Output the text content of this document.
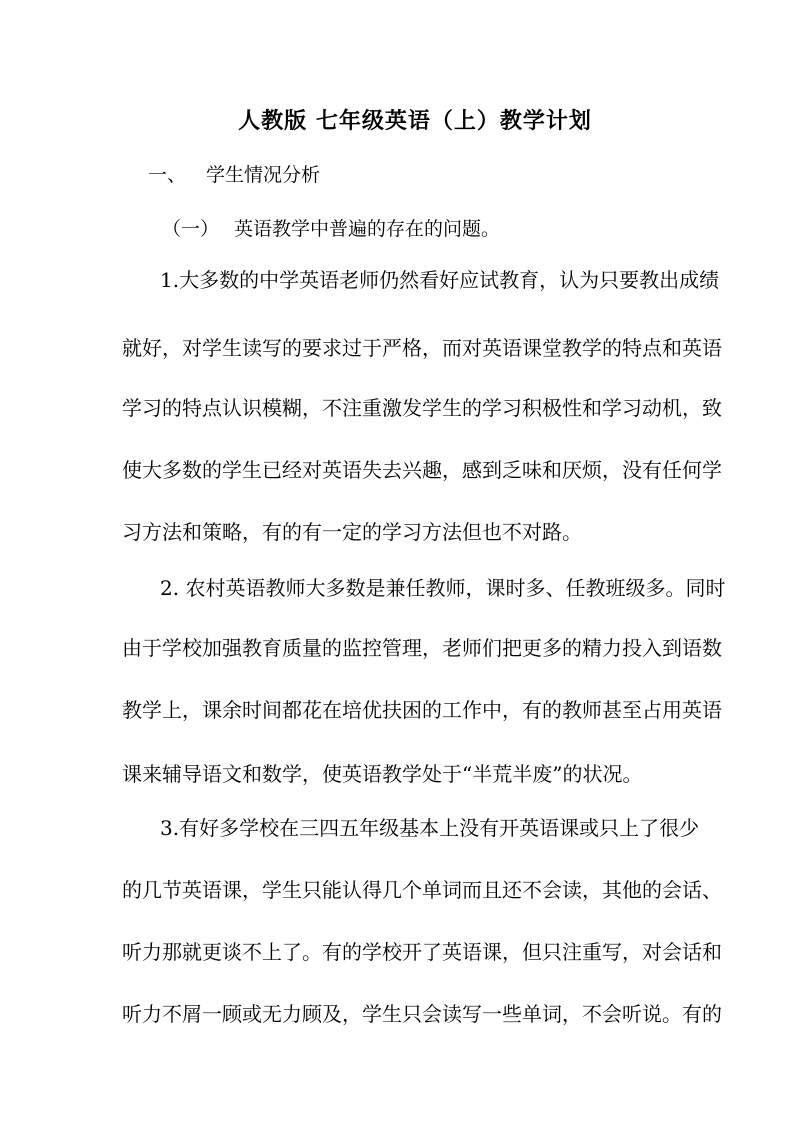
人教版 七年级英语（上）教学计划
一、 学生情况分析
（一） 英语教学中普遍的存在的问题。
1.大多数的中学英语老师仍然看好应试教育，认为只要教出成绩
就好，对学生读写的要求过于严格，而对英语课堂教学的特点和英语
学习的特点认识模糊，不注重激发学生的学习积极性和学习动机，致
使大多数的学生已经对英语失去兴趣，感到乏味和厌烦，没有任何学
习方法和策略，有的有一定的学习方法但也不对路。
2. 农村英语教师大多数是兼任教师，课时多、任教班级多。同时
由于学校加强教育质量的监控管理，老师们把更多的精力投入到语数
教学上，课余时间都花在培优扶困的工作中，有的教师甚至占用英语
课来辅导语文和数学，使英语教学处于“半荒半废”的状况。
3.有好多学校在三四五年级基本上没有开英语课或只上了很少
的几节英语课，学生只能认得几个单词而且还不会读，其他的会话、
听力那就更谈不上了。有的学校开了英语课，但只注重写，对会话和
听力不屑一顾或无力顾及，学生只会读写一些单词，不会听说。有的
